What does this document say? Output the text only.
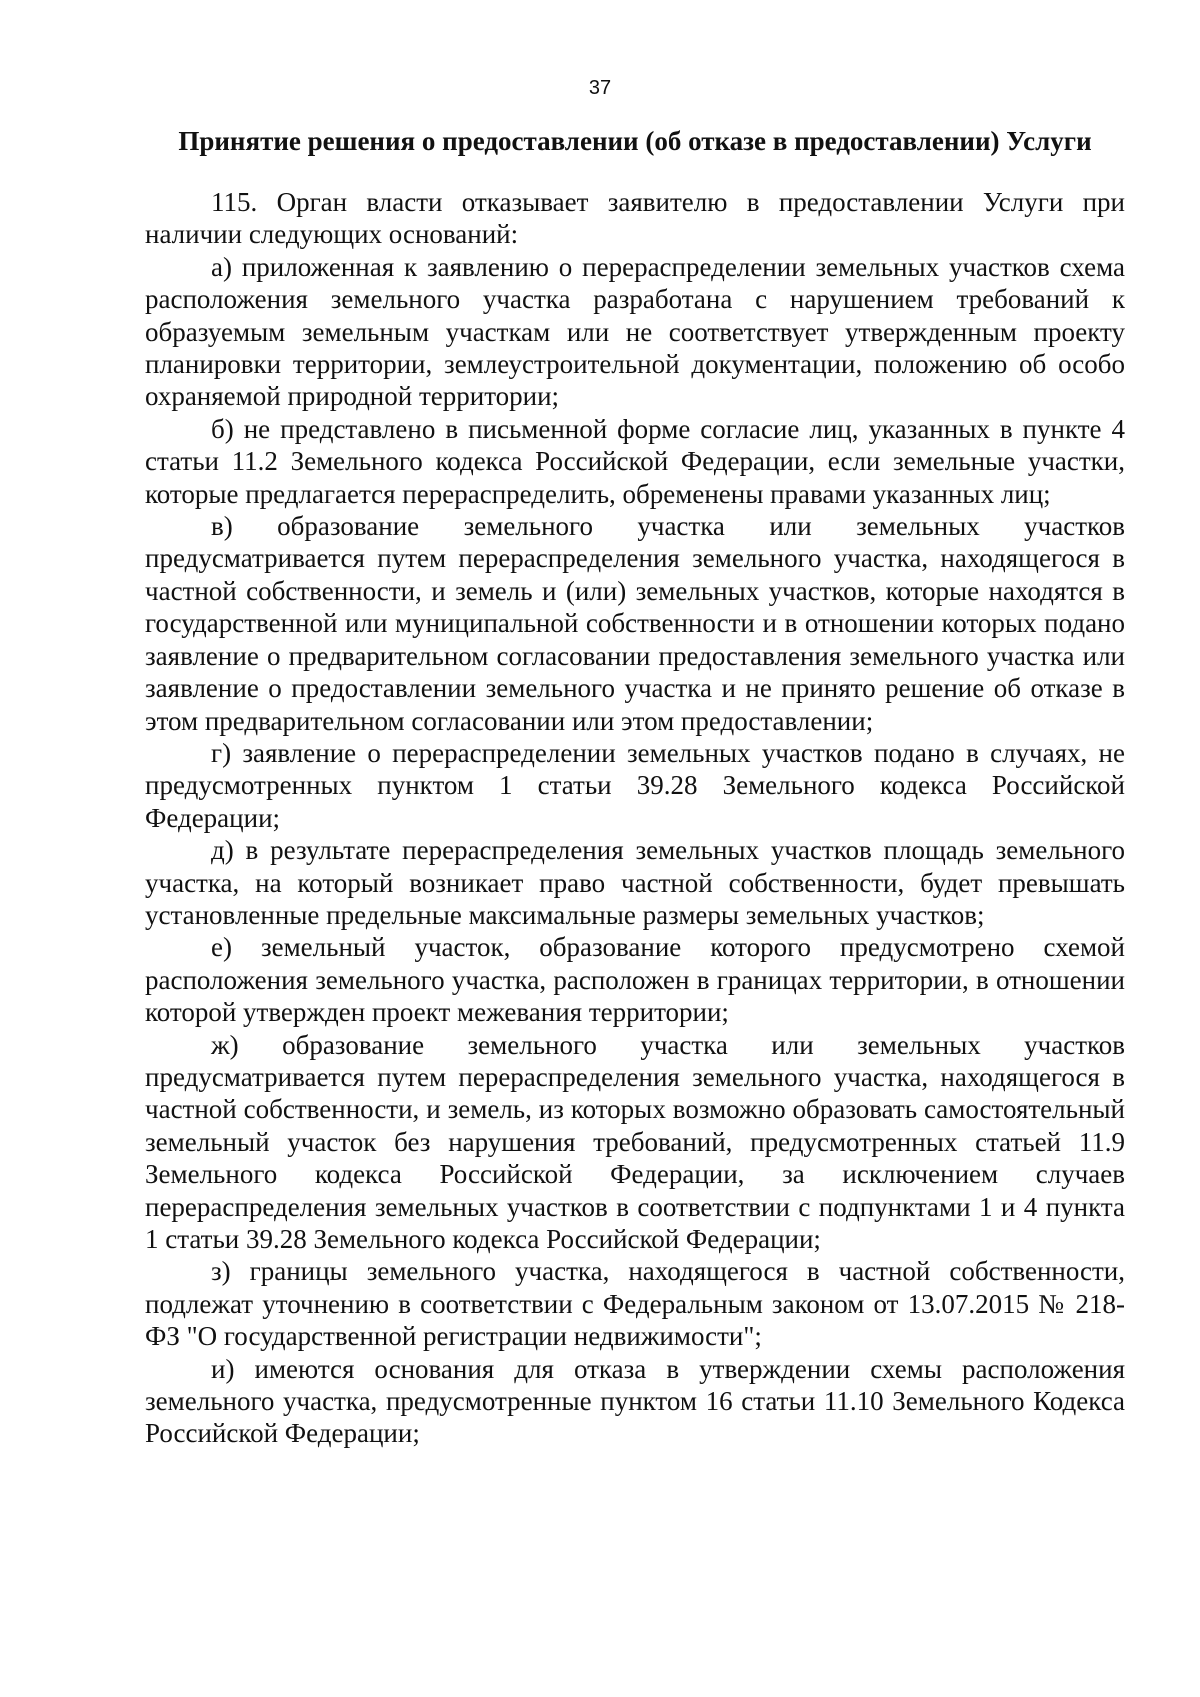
37
Принятие решения о предоставлении (об отказе в предоставлении) Услуги

115. Орган власти отказывает заявителю в предоставлении Услуги при наличии следующих оснований:

а) приложенная к заявлению о перераспределении земельных участков схема расположения земельного участка разработана с нарушением требований к образуемым земельным участкам или не соответствует утвержденным проекту планировки территории, землеустроительной документации, положению об особо охраняемой природной территории;

б) не представлено в письменной форме согласие лиц, указанных в пункте 4 статьи 11.2 Земельного кодекса Российской Федерации, если земельные участки, которые предлагается перераспределить, обременены правами указанных лиц;

в) образование земельного участка или земельных участков предусматривается путем перераспределения земельного участка, находящегося в частной собственности, и земель и (или) земельных участков, которые находятся в государственной или муниципальной собственности и в отношении которых подано заявление о предварительном согласовании предоставления земельного участка или заявление о предоставлении земельного участка и не принято решение об отказе в этом предварительном согласовании или этом предоставлении;

г) заявление о перераспределении земельных участков подано в случаях, не предусмотренных пунктом 1 статьи 39.28 Земельного кодекса Российской Федерации;

д) в результате перераспределения земельных участков площадь земельного участка, на который возникает право частной собственности, будет превышать установленные предельные максимальные размеры земельных участков;

е) земельный участок, образование которого предусмотрено схемой расположения земельного участка, расположен в границах территории, в отношении которой утвержден проект межевания территории;

ж) образование земельного участка или земельных участков предусматривается путем перераспределения земельного участка, находящегося в частной собственности, и земель, из которых возможно образовать самостоятельный земельный участок без нарушения требований, предусмотренных статьей 11.9 Земельного кодекса Российской Федерации, за исключением случаев перераспределения земельных участков в соответствии с подпунктами 1 и 4 пункта 1 статьи 39.28 Земельного кодекса Российской Федерации;

з) границы земельного участка, находящегося в частной собственности, подлежат уточнению в соответствии с Федеральным законом от 13.07.2015 № 218-ФЗ "О государственной регистрации недвижимости";

и) имеются основания для отказа в утверждении схемы расположения земельного участка, предусмотренные пунктом 16 статьи 11.10 Земельного Кодекса Российской Федерации;
